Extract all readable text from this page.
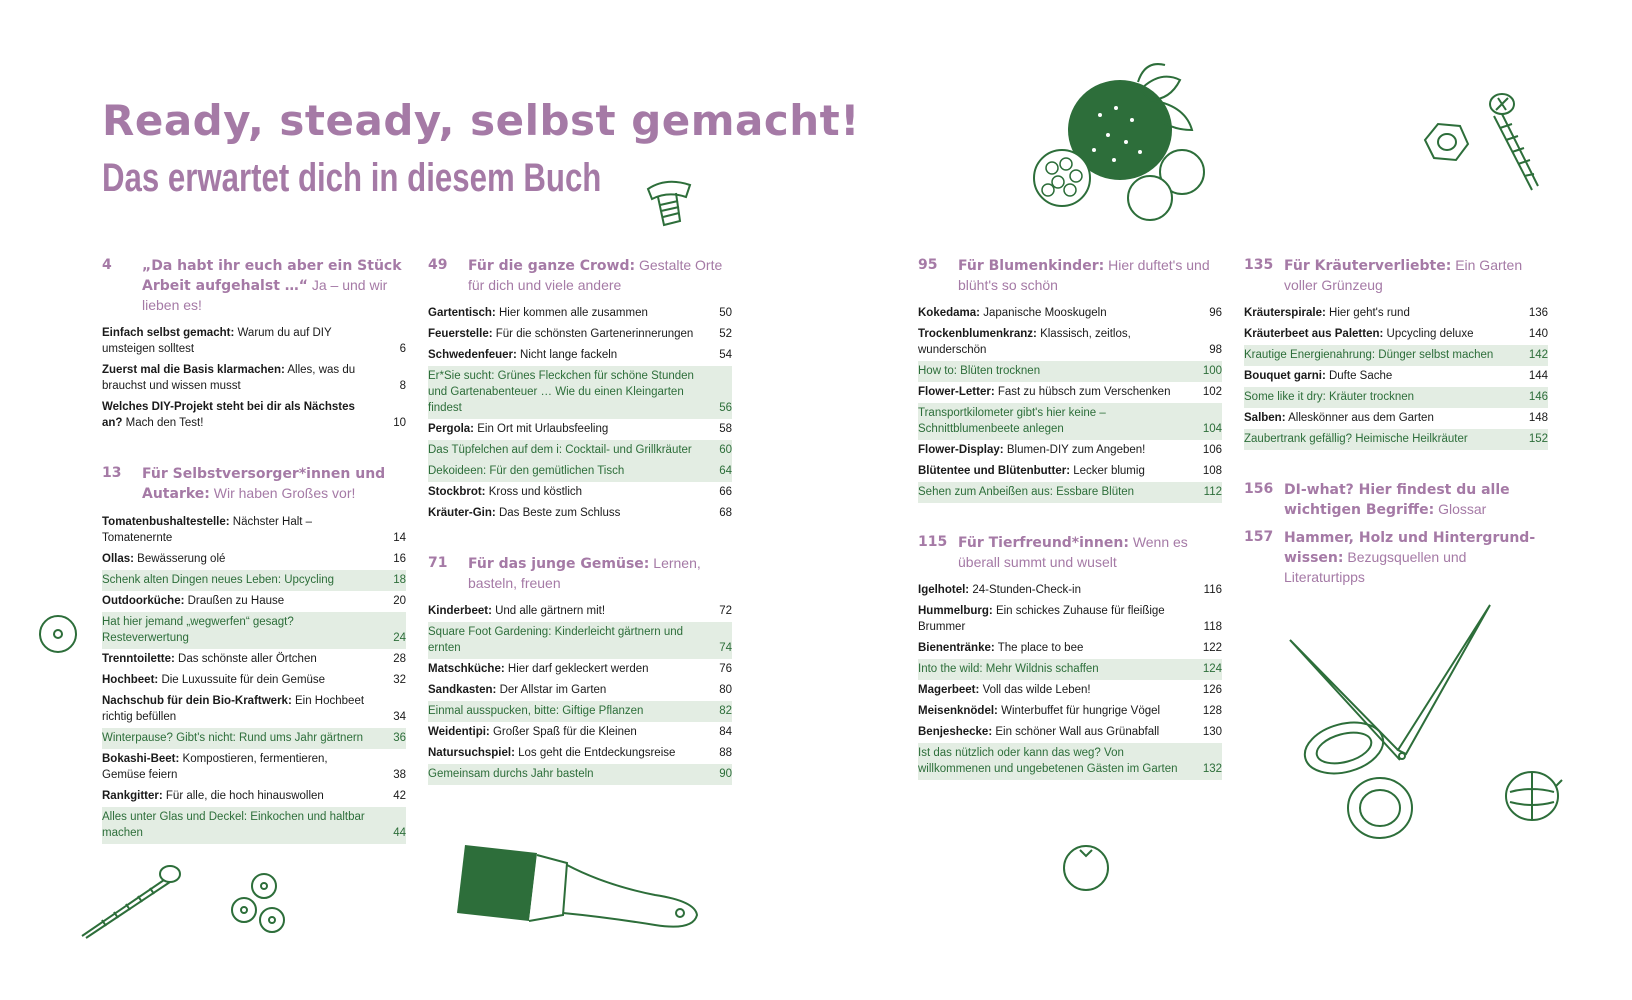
Ready, steady, selbst gemacht!
Das erwartet dich in diesem Buch
4	„Da habt ihr euch aber ein Stück Arbeit aufgehalst …“ Ja – und wir lieben es!
Einfach selbst gemacht: Warum du auf DIY umsteigen solltest	6
Zuerst mal die Basis klarmachen: Alles, was du brauchst und wissen musst	8
Welches DIY-Projekt steht bei dir als Nächstes an? Mach den Test!	10
13	Für Selbstversorger*innen und Autarke: Wir haben Großes vor!
Tomatenbushaltestelle: Nächster Halt – Tomatenernte	14
Ollas: Bewässerung olé	16
Schenk alten Dingen neues Leben: Upcycling	18
Outdoorküche: Draußen zu Hause	20
Hat hier jemand „wegwerfen“ gesagt? Resteverwertung	24
Trenntoilette: Das schönste aller Örtchen	28
Hochbeet: Die Luxussuite für dein Gemüse	32
Nachschub für dein Bio-Kraftwerk: Ein Hochbeet richtig befüllen	34
Winterpause? Gibt's nicht: Rund ums Jahr gärtnern	36
Bokashi-Beet: Kompostieren, fermentieren, Gemüse feiern	38
Rankgitter: Für alle, die hoch hinauswollen	42
Alles unter Glas und Deckel: Einkochen und haltbar machen	44
49	Für die ganze Crowd: Gestalte Orte für dich und viele andere
Gartentisch: Hier kommen alle zusammen	50
Feuerstelle: Für die schönsten Gartenerinnerungen	52
Schwedenfeuer: Nicht lange fackeln	54
Er*Sie sucht: Grünes Fleckchen für schöne Stunden und Gartenabenteuer … Wie du einen Kleingarten findest	56
Pergola: Ein Ort mit Urlaubsfeeling	58
Das Tüpfelchen auf dem i: Cocktail- und Grillkräuter	60
Dekoideen: Für den gemütlichen Tisch	64
Stockbrot: Kross und köstlich	66
Kräuter-Gin: Das Beste zum Schluss	68
71	Für das junge Gemüse: Lernen, basteln, freuen
Kinderbeet: Und alle gärtnern mit!	72
Square Foot Gardening: Kinderleicht gärtnern und ernten	74
Matschküche: Hier darf gekleckert werden	76
Sandkasten: Der Allstar im Garten	80
Einmal ausspucken, bitte: Giftige Pflanzen	82
Weidentipi: Großer Spaß für die Kleinen	84
Natursuchspiel: Los geht die Entdeckungsreise	88
Gemeinsam durchs Jahr basteln	90
95	Für Blumenkinder: Hier duftet's und blüht's so schön
Kokedama: Japanische Mooskugeln	96
Trockenblumenkranz: Klassisch, zeitlos, wunderschön	98
How to: Blüten trocknen	100
Flower-Letter: Fast zu hübsch zum Verschenken	102
Transportkilometer gibt's hier keine – Schnittblumenbeete anlegen	104
Flower-Display: Blumen-DIY zum Angeben!	106
Blütentee und Blütenbutter: Lecker blumig	108
Sehen zum Anbeißen aus: Essbare Blüten	112
115 Für Tierfreund*innen: Wenn es überall summt und wuselt
Igelhotel: 24-Stunden-Check-in	116
Hummelburg: Ein schickes Zuhause für fleißige Brummer	118
Bienentränke: The place to bee	122
Into the wild: Mehr Wildnis schaffen	124
Magerbeet: Voll das wilde Leben!	126
Meisenknödel: Winterbuffet für hungrige Vögel	128
Benjeshecke: Ein schöner Wall aus Grünabfall	130
Ist das nützlich oder kann das weg? Von willkommenen und ungebetenen Gästen im Garten	132
135 Für Kräuterverliebte: Ein Garten voller Grünzeug
Kräuterspirale: Hier geht's rund	136
Kräuterbeet aus Paletten: Upcycling deluxe	140
Krautige Energienahrung: Dünger selbst machen	142
Bouquet garni: Dufte Sache	144
Some like it dry: Kräuter trocknen	146
Salben: Alleskönner aus dem Garten	148
Zaubertrank gefällig? Heimische Heilkräuter	152
156 DI-what? Hier findest du alle wichtigen Begriffe: Glossar
157 Hammer, Holz und Hintergrund-wissen: Bezugsquellen und Literaturtipps
